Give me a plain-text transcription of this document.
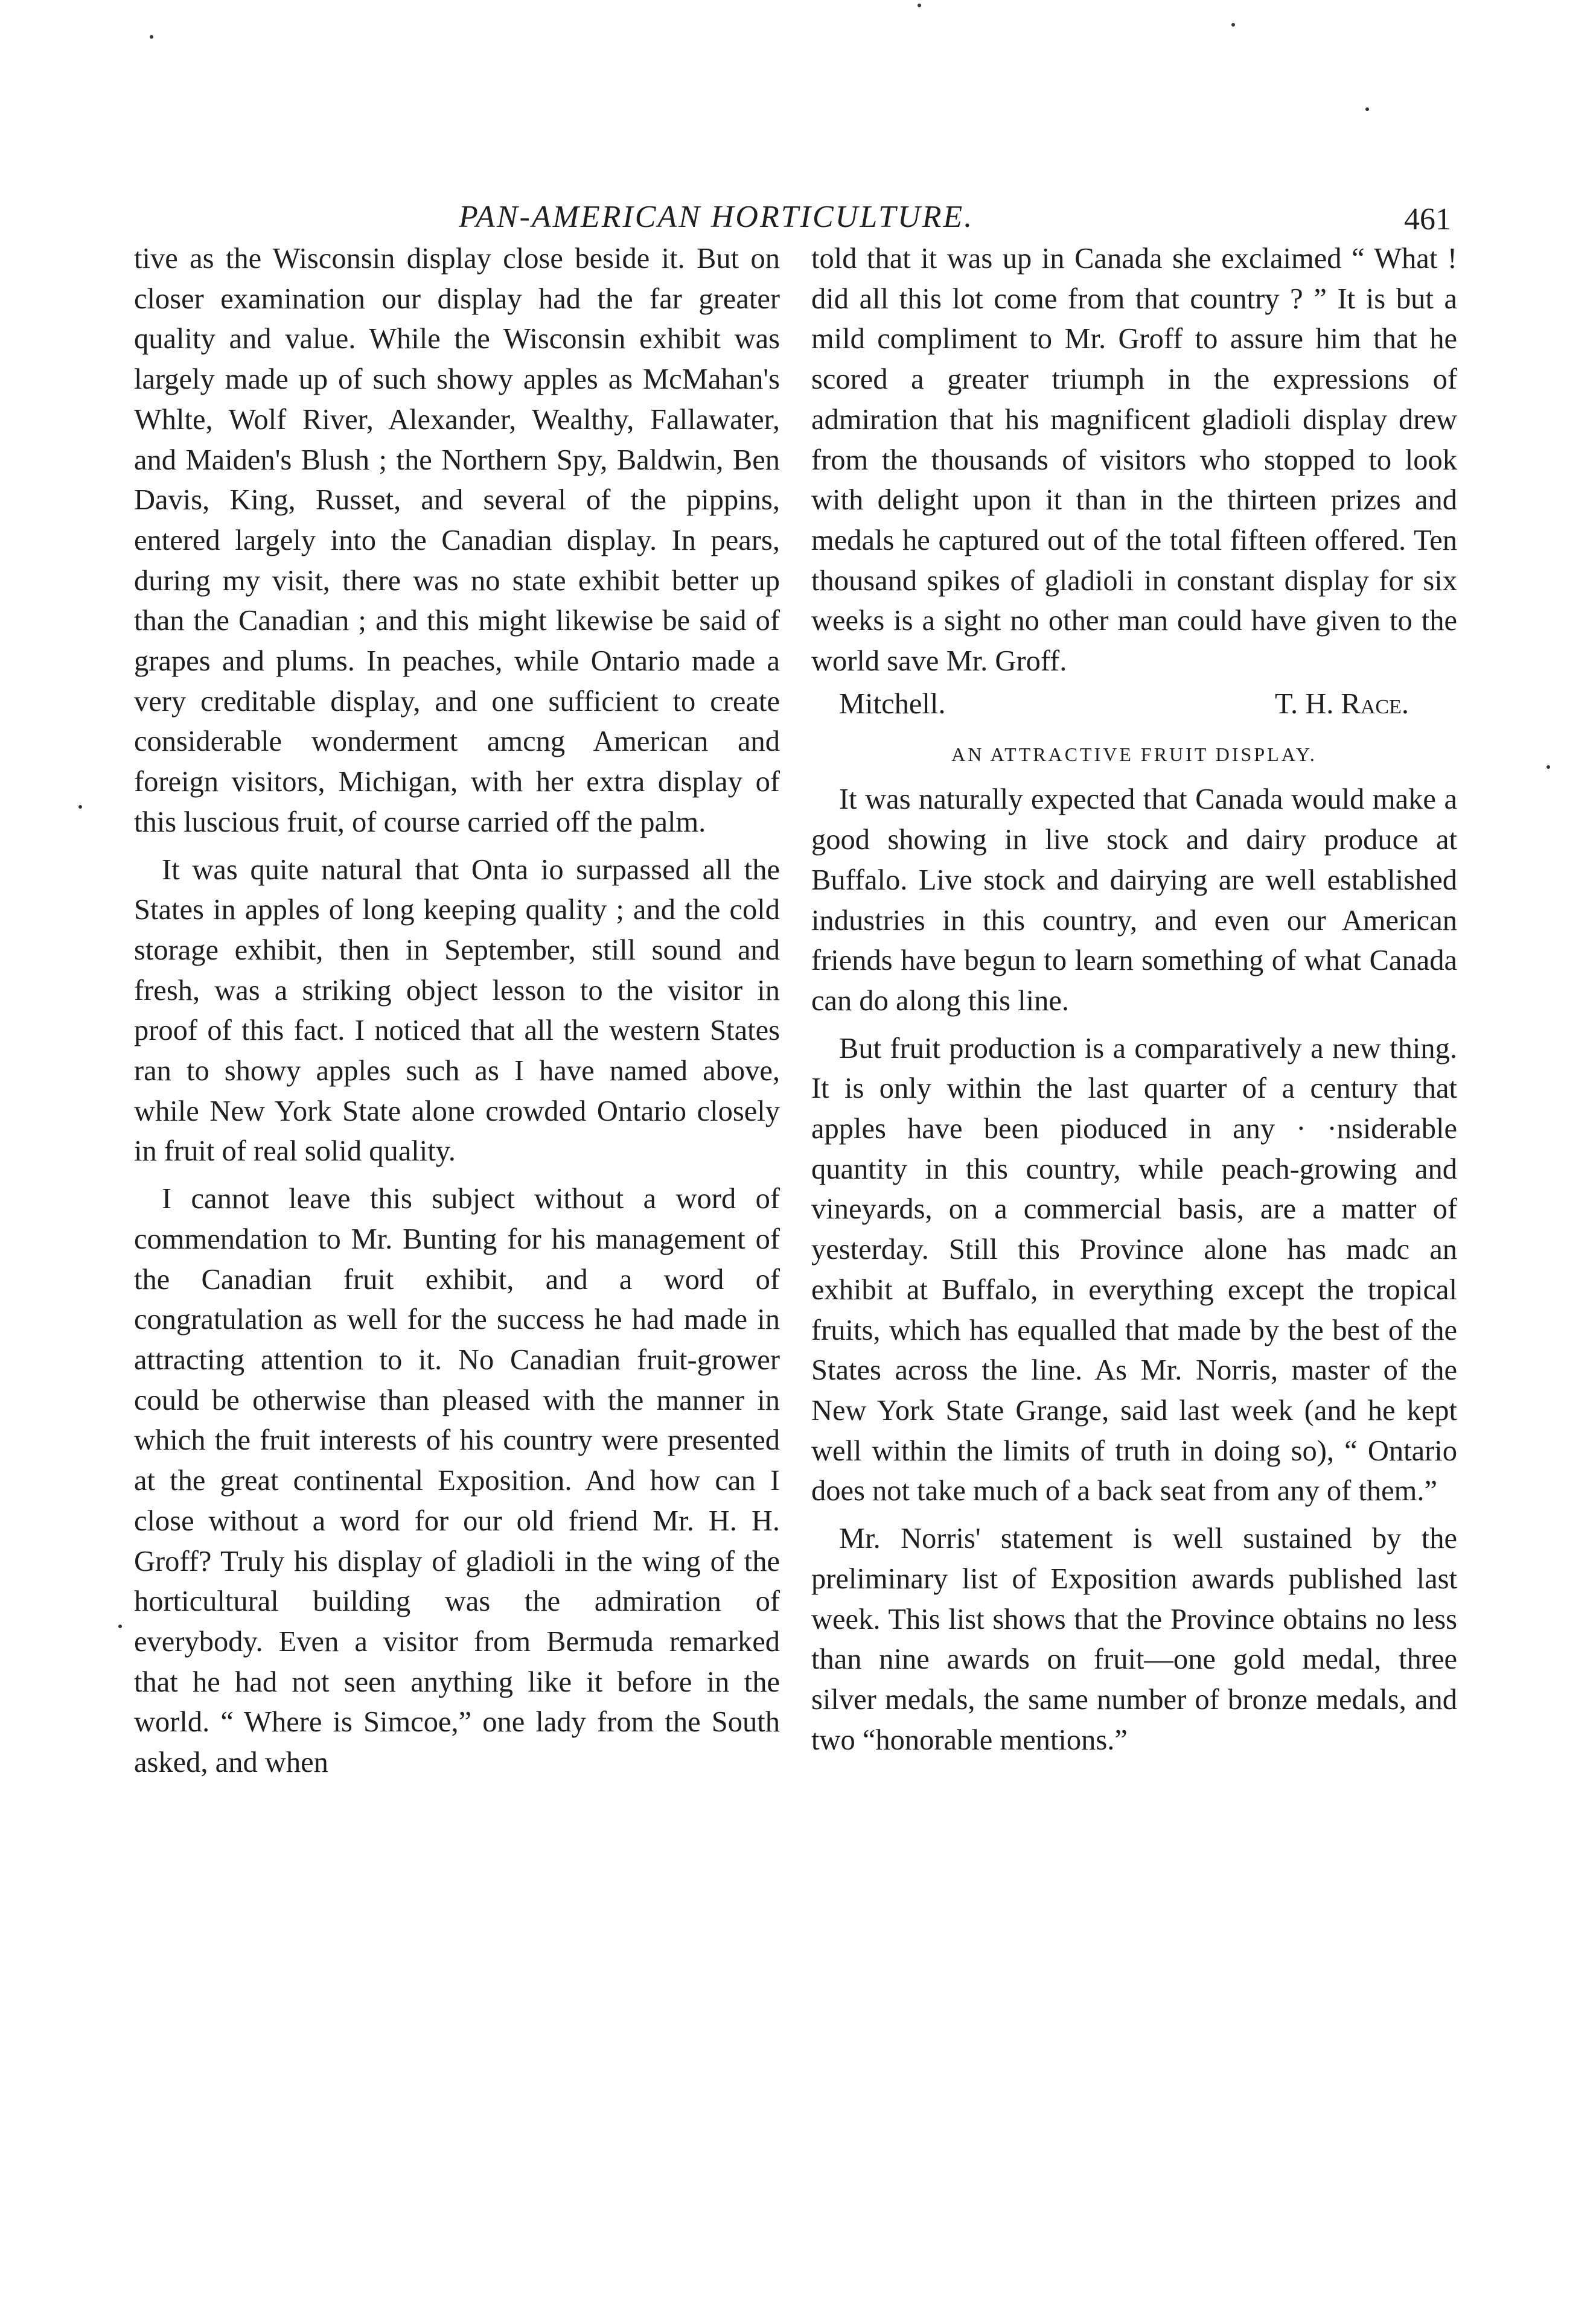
PAN-AMERICAN HORTICULTURE.	461

tive as the Wisconsin display close beside it. But on closer examination our display had the far greater quality and value. While the Wisconsin exhibit was largely made up of such showy apples as McMahan's Whlte, Wolf River, Alexander, Wealthy, Fallawater, and Maiden's Blush ; the Northern Spy, Baldwin, Ben Davis, King, Russet, and several of the pippins, entered largely into the Canadian display. In pears, during my visit, there was no state exhibit better up than the Canadian ; and this might likewise be said of grapes and plums. In peaches, while Ontario made a very creditable display, and one sufficient to create considerable wonderment amcng American and foreign visitors, Michigan, with her extra display of this luscious fruit, of course carried off the palm.

It was quite natural that Onta io surpassed all the States in apples of long keeping quality ; and the cold storage exhibit, then in September, still sound and fresh, was a striking object lesson to the visitor in proof of this fact. I noticed that all the western States ran to showy apples such as I have named above, while New York State alone crowded Ontario closely in fruit of real solid quality.

I cannot leave this subject without a word of commendation to Mr. Bunting for his management of the Canadian fruit exhibit, and a word of congratulation as well for the success he had made in attracting attention to it. No Canadian fruit-grower could be otherwise than pleased with the manner in which the fruit interests of his country were presented at the great continental Exposition. And how can I close without a word for our old friend Mr. H. H. Groff? Truly his display of gladioli in the wing of the horticultural building was the admiration of everybody. Even a visitor from Bermuda remarked that he had not seen anything like it before in the world. “ Where is Simcoe,” one lady from the South asked, and when

told that it was up in Canada she exclaimed “ What ! did all this lot come from that country ? ” It is but a mild compliment to Mr. Groff to assure him that he scored a greater triumph in the expressions of admiration that his magnificent gladioli display drew from the thousands of visitors who stopped to look with delight upon it than in the thirteen prizes and medals he captured out of the total fifteen offered. Ten thousand spikes of gladioli in constant display for six weeks is a sight no other man could have given to the world save Mr. Groff.

Mitchell.	T. H. Race.
AN ATTRACTIVE FRUIT DISPLAY.

It was naturally expected that Canada would make a good showing in live stock and dairy produce at Buffalo. Live stock and dairying are well established industries in this country, and even our American friends have begun to learn something of what Canada can do along this line.

But fruit production is a comparatively a new thing. It is only within the last quarter of a century that apples have been pioduced in any · ·nsiderable quantity in this country, while peach-growing and vineyards, on a commercial basis, are a matter of yesterday. Still this Province alone has madc an exhibit at Buffalo, in everything except the tropical fruits, which has equalled that made by the best of the States across the line. As Mr. Norris, master of the New York State Grange, said last week (and he kept well within the limits of truth in doing so), “ Ontario does not take much of a back seat from any of them.”

Mr. Norris' statement is well sustained by the preliminary list of Exposition awards published last week. This list shows that the Province obtains no less than nine awards on fruit—one gold medal, three silver medals, the same number of bronze medals, and two “honorable mentions.”
